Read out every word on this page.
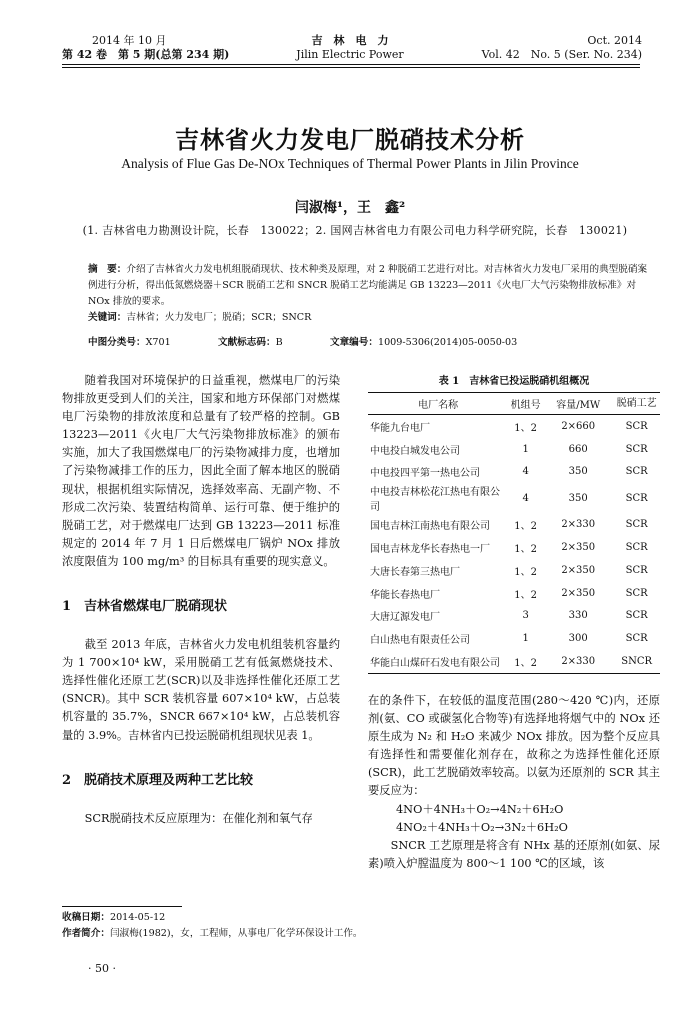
2014 年 10 月
第 42 卷　第 5 期(总第 234 期)
吉　林　电　力
Jilin Electric Power
Oct. 2014
Vol. 42　No. 5 (Ser. No. 234)
吉林省火力发电厂脱硝技术分析
Analysis of Flue Gas De-NOx Techniques of Thermal Power Plants in Jilin Province
闫淑梅¹，王　鑫²
(1. 吉林省电力勘测设计院，长春　130022；2. 国网吉林省电力有限公司电力科学研究院，长春　130021)
摘　要：介绍了吉林省火力发电机组脱硝现状、技术种类及原理，对 2 种脱硝工艺进行对比。对吉林省火力发电厂采用的典型脱硝案例进行分析，得出低氮燃烧器＋SCR 脱硝工艺和 SNCR 脱硝工艺均能满足 GB 13223—2011《火电厂大气污染物排放标准》对 NOx 排放的要求。
关键词：吉林省；火力发电厂；脱硝；SCR；SNCR
中图分类号：X701	文献标志码：B	文章编号：1009-5306(2014)05-0050-03

随着我国对环境保护的日益重视，燃煤电厂的污染物排放更受到人们的关注，国家和地方环保部门对燃煤电厂污染物的排放浓度和总量有了较严格的控制。GB 13223—2011《火电厂大气污染物排放标准》的颁布实施，加大了我国燃煤电厂的污染物减排力度，也增加了污染物减排工作的压力，因此全面了解本地区的脱硝现状，根据机组实际情况，选择效率高、无副产物、不形成二次污染、装置结构简单、运行可靠、便于维护的脱硝工艺，对于燃煤电厂达到 GB 13223—2011 标准规定的 2014 年 7 月 1 日后燃煤电厂锅炉 NOx 排放浓度限值为 100 mg/m³ 的目标具有重要的现实意义。

1　吉林省燃煤电厂脱硝现状

截至 2013 年底，吉林省火力发电机组装机容量约为 1 700×10⁴ kW，采用脱硝工艺有低氮燃烧技术、选择性催化还原工艺(SCR)以及非选择性催化还原工艺(SNCR)。其中 SCR 装机容量 607×10⁴ kW，占总装机容量的 35.7%，SNCR 667×10⁴ kW，占总装机容量的 3.9%。吉林省内已投运脱硝机组现状见表 1。

2　脱硝技术原理及两种工艺比较

SCR脱硝技术反应原理为：在催化剂和氧气存

表 1　吉林省已投运脱硝机组概况
电厂名称	机组号	容量/MW	脱硝工艺
华能九台电厂	1、2	2×660	SCR
中电投白城发电公司	1	660	SCR
中电投四平第一热电公司	4	350	SCR
中电投吉林松花江热电有限公司	4	350	SCR
国电吉林江南热电有限公司	1、2	2×330	SCR
国电吉林龙华长春热电一厂	1、2	2×350	SCR
大唐长春第三热电厂	1、2	2×350	SCR
华能长春热电厂	1、2	2×350	SCR
大唐辽源发电厂	3	330	SCR
白山热电有限责任公司	1	300	SCR
华能白山煤矸石发电有限公司	1、2	2×330	SNCR

在的条件下，在较低的温度范围(280～420 ℃)内，还原剂(氨、CO 或碳氢化合物等)有选择地将烟气中的 NOx 还原生成为 N₂ 和 H₂O 来减少 NOx 排放。因为整个反应具有选择性和需要催化剂存在，故称之为选择性催化还原(SCR)，此工艺脱硝效率较高。以氨为还原剂的 SCR 其主要反应为：

4NO＋4NH₃＋O₂→4N₂＋6H₂O
4NO₂＋4NH₃＋O₂→3N₂＋6H₂O

SNCR 工艺原理是将含有 NHx 基的还原剂(如氨、尿素)喷入炉膛温度为 800～1 100 ℃的区域，该

收稿日期：2014-05-12
作者简介：闫淑梅(1982)，女，工程师，从事电厂化学环保设计工作。
· 50 ·
